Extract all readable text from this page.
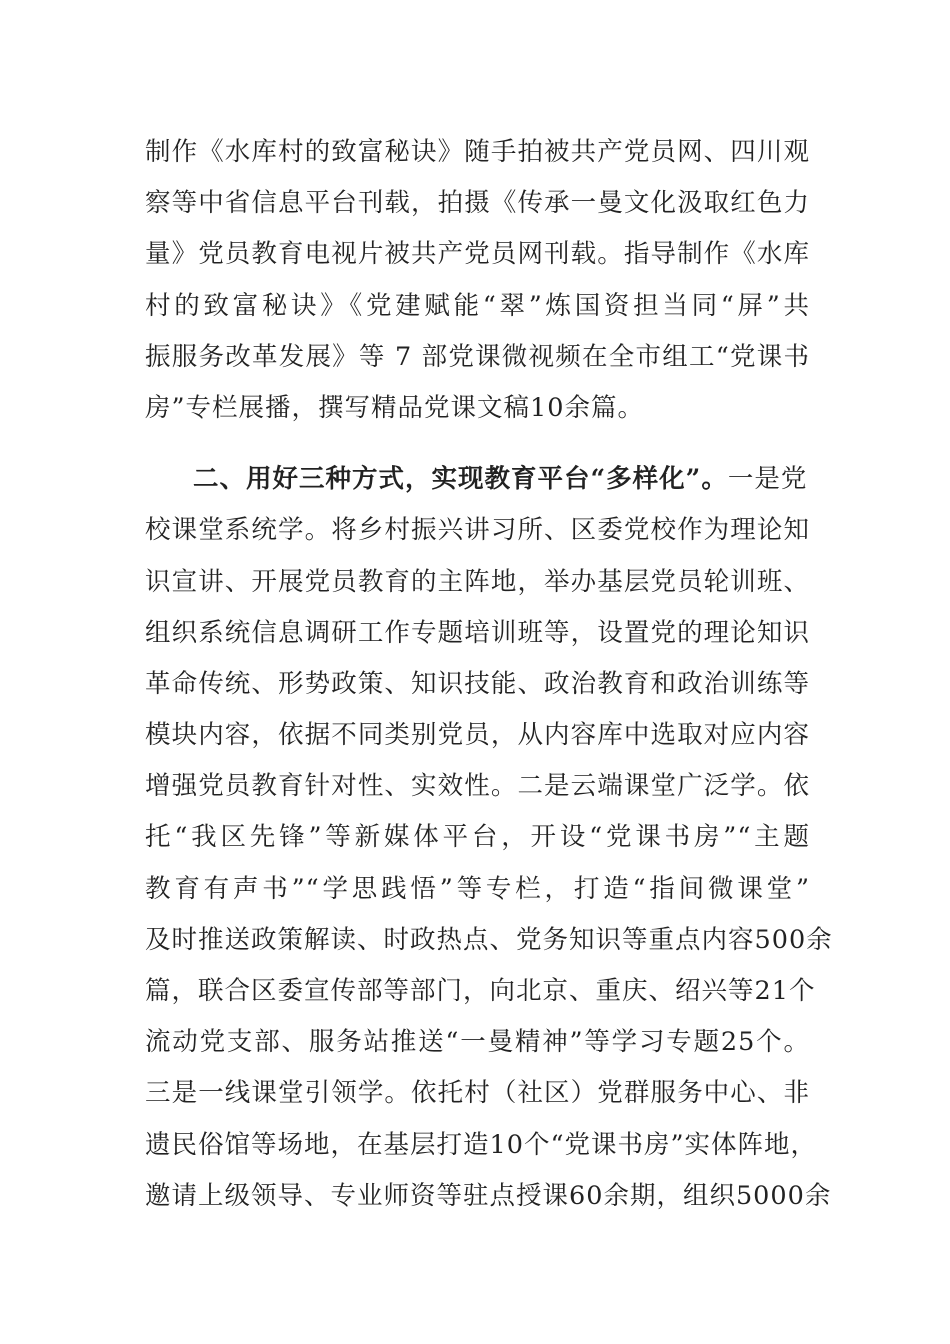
制作《水库村的致富秘诀》随手拍被共产党员网、四川观
察等中省信息平台刊载，拍摄《传承一曼文化汲取红色力
量》党员教育电视片被共产党员网刊载。指导制作《水库
村的致富秘诀》《党建赋能“翠”炼国资担当同“屏”共
振服务改革发展》等 7 部党课微视频在全市组工“党课书
房”专栏展播，撰写精品党课文稿10余篇。
二、用好三种方式，实现教育平台“多样化”。一是党
校课堂系统学。将乡村振兴讲习所、区委党校作为理论知
识宣讲、开展党员教育的主阵地，举办基层党员轮训班、
组织系统信息调研工作专题培训班等，设置党的理论知识
革命传统、形势政策、知识技能、政治教育和政治训练等
模块内容，依据不同类别党员，从内容库中选取对应内容
增强党员教育针对性、实效性。二是云端课堂广泛学。依
托“我区先锋”等新媒体平台，开设“党课书房”“主题
教育有声书”“学思践悟”等专栏，打造“指间微课堂”
及时推送政策解读、时政热点、党务知识等重点内容500余
篇，联合区委宣传部等部门，向北京、重庆、绍兴等21个
流动党支部、服务站推送“一曼精神”等学习专题25个。
三是一线课堂引领学。依托村（社区）党群服务中心、非
遗民俗馆等场地，在基层打造10个“党课书房”实体阵地，
邀请上级领导、专业师资等驻点授课60余期，组织5000余
